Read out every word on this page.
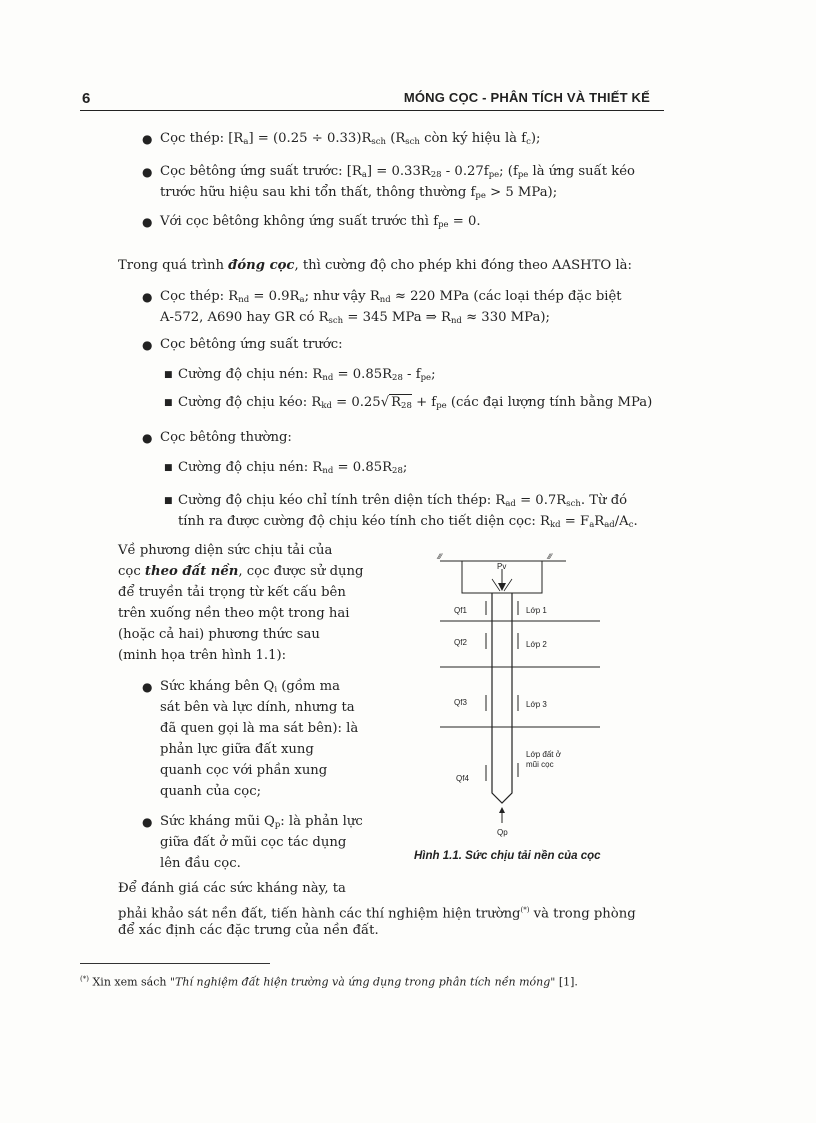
6	MÓNG CỌC - PHÂN TÍCH VÀ THIẾT KẾ
● Cọc thép: $[R_a] = (0.25 \div 0.33)R_{sch}$ ($R_{sch}$ còn ký hiệu là $f_c$);
● Cọc bêtông ứng suất trước: $[R_a] = 0.33R_{28} - 0.27f_{pe}$; ($f_{pe}$ là ứng suất kéo
trước hữu hiệu sau khi tổn thất, thông thường $f_{pe} > 5$ MPa);
● Với cọc bêtông không ứng suất trước thì $f_{pe} = 0$.
Trong quá trình đóng cọc, thì cường độ cho phép khi đóng theo AASHTO là:
● Cọc thép: $R_{nd} = 0.9R_a$; như vậy $R_{nd} \approx 220$ MPa (các loại thép đặc biệt
A-572, A690 hay GR có $R_{sch} = 345$ MPa ⇒ $R_{nd} \approx 330$ MPa);
● Cọc bêtông ứng suất trước:
■ Cường độ chịu nén: $R_{nd} = 0.85R_{28} - f_{pe}$;
■ Cường độ chịu kéo: $R_{kd} = 0.25√$ $R_{28} + f_{pe}$ (các đại lượng tính bằng MPa)
● Cọc bêtông thường:
■ Cường độ chịu nén: $R_{nd} = 0.85R_{28}$;
■ Cường độ chịu kéo chỉ tính trên diện tích thép: $R_{ad} = 0.7R_{sch}$. Từ đó
tính ra được cường độ chịu kéo tính cho tiết diện cọc: $R_{kd} = F_aR_{ad}/A_c$.
Về phương diện sức chịu tải của
cọc theo đất nền, cọc được sử dụng
để truyền tải trọng từ kết cấu bên
trên xuống nền theo một trong hai
(hoặc cả hai) phương thức sau
(minh họa trên hình 1.1):
● Sức kháng bên $Q_i$ (gồm ma
sát bên và lực dính, nhưng ta
đã quen gọi là ma sát bên): là
phản lực giữa đất xung
quanh cọc với phần xung
quanh của cọc;
● Sức kháng mũi $Q_p$: là phản lực
giữa đất ở mũi cọc tác dụng
lên đầu cọc.
Để đánh giá các sức kháng này, ta
phải khảo sát nền đất, tiến hành các thí nghiệm hiện trường(*) và trong phòng
để xác định các đặc trưng của nền đất.
⁄⁄⁄	⁄⁄⁄
Pv
Qf1
Qf2
Qf3
Qf4
Lớp 1
Lớp 2
Lớp 3
Lớp đất ở
mũi cọc
Qp
Hình 1.1. Sức chịu tải nền của cọc
(*) Xin xem sách "Thí nghiệm đất hiện trường và ứng dụng trong phân tích nền móng" [1].
